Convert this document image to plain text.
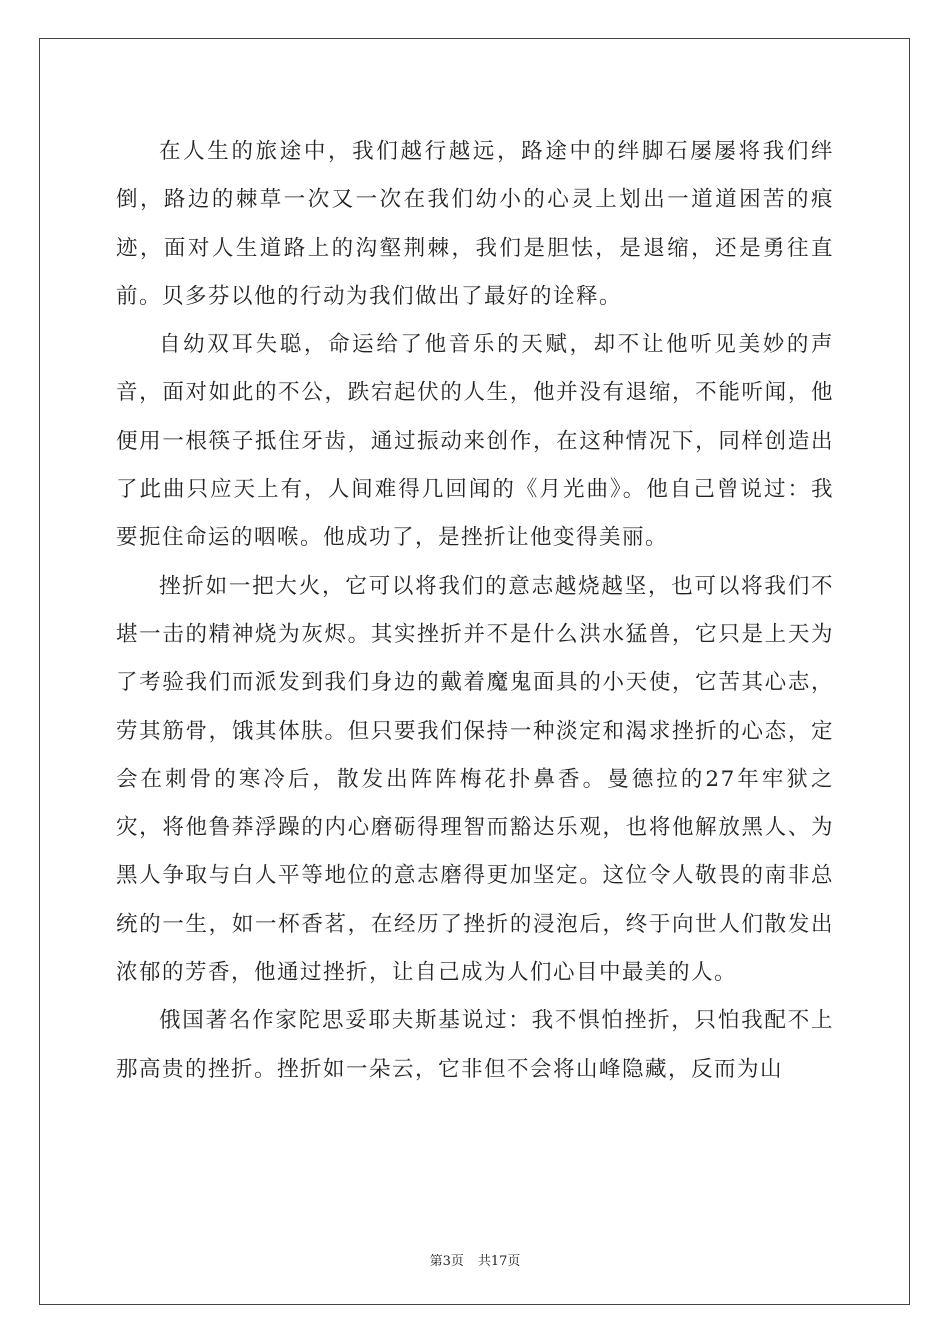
在人生的旅途中，我们越行越远，路途中的绊脚石屡屡将我们绊倒，路边的棘草一次又一次在我们幼小的心灵上划出一道道困苦的痕迹，面对人生道路上的沟壑荆棘，我们是胆怯，是退缩，还是勇往直前。贝多芬以他的行动为我们做出了最好的诠释。

自幼双耳失聪，命运给了他音乐的天赋，却不让他听见美妙的声音，面对如此的不公，跌宕起伏的人生，他并没有退缩，不能听闻，他便用一根筷子抵住牙齿，通过振动来创作，在这种情况下，同样创造出了此曲只应天上有，人间难得几回闻的《月光曲》。他自己曾说过：我要扼住命运的咽喉。他成功了，是挫折让他变得美丽。

挫折如一把大火，它可以将我们的意志越烧越坚，也可以将我们不堪一击的精神烧为灰烬。其实挫折并不是什么洪水猛兽，它只是上天为了考验我们而派发到我们身边的戴着魔鬼面具的小天使，它苦其心志，劳其筋骨，饿其体肤。但只要我们保持一种淡定和渴求挫折的心态，定会在刺骨的寒冷后，散发出阵阵梅花扑鼻香。曼德拉的27年牢狱之灾，将他鲁莽浮躁的内心磨砺得理智而豁达乐观，也将他解放黑人、为黑人争取与白人平等地位的意志磨得更加坚定。这位令人敬畏的南非总统的一生，如一杯香茗，在经历了挫折的浸泡后，终于向世人们散发出浓郁的芳香，他通过挫折，让自己成为人们心目中最美的人。

俄国著名作家陀思妥耶夫斯基说过：我不惧怕挫折，只怕我配不上那高贵的挫折。挫折如一朵云，它非但不会将山峰隐藏，反而为山

第3页 共17页
